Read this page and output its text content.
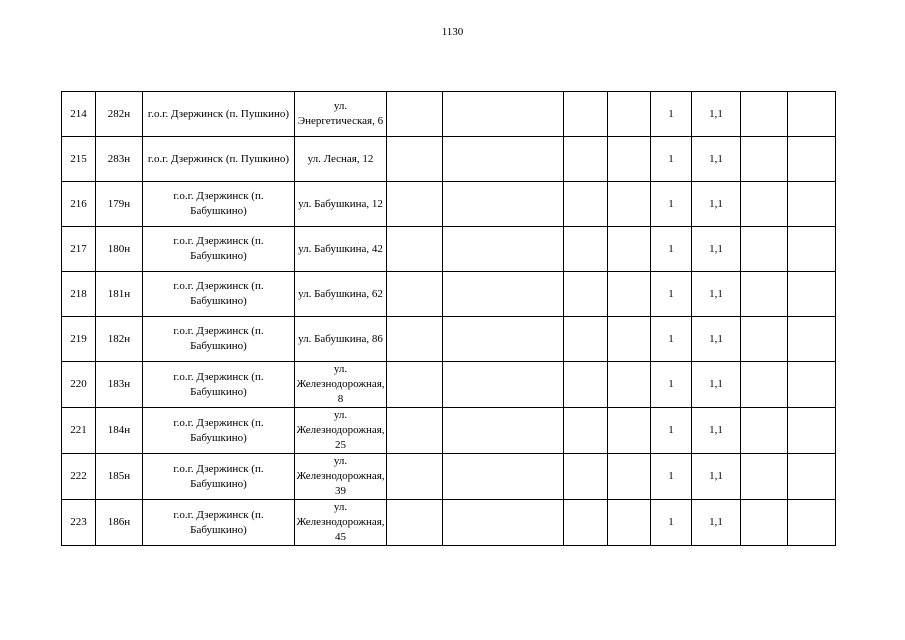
1130
214	282н	г.о.г. Дзержинск (п. Пушкино)	ул. Энергетическая, 6					1	1,1		
215	283н	г.о.г. Дзержинск (п. Пушкино)	ул. Лесная, 12					1	1,1		
216	179н	г.о.г. Дзержинск (п. Бабушкино)	ул. Бабушкина, 12					1	1,1		
217	180н	г.о.г. Дзержинск (п. Бабушкино)	ул. Бабушкина, 42					1	1,1		
218	181н	г.о.г. Дзержинск (п. Бабушкино)	ул. Бабушкина, 62					1	1,1		
219	182н	г.о.г. Дзержинск (п. Бабушкино)	ул. Бабушкина, 86					1	1,1		
220	183н	г.о.г. Дзержинск (п. Бабушкино)	ул. Железнодорожная, 8					1	1,1		
221	184н	г.о.г. Дзержинск (п. Бабушкино)	ул. Железнодорожная, 25					1	1,1		
222	185н	г.о.г. Дзержинск (п. Бабушкино)	ул. Железнодорожная, 39					1	1,1		
223	186н	г.о.г. Дзержинск (п. Бабушкино)	ул. Железнодорожная, 45					1	1,1		
